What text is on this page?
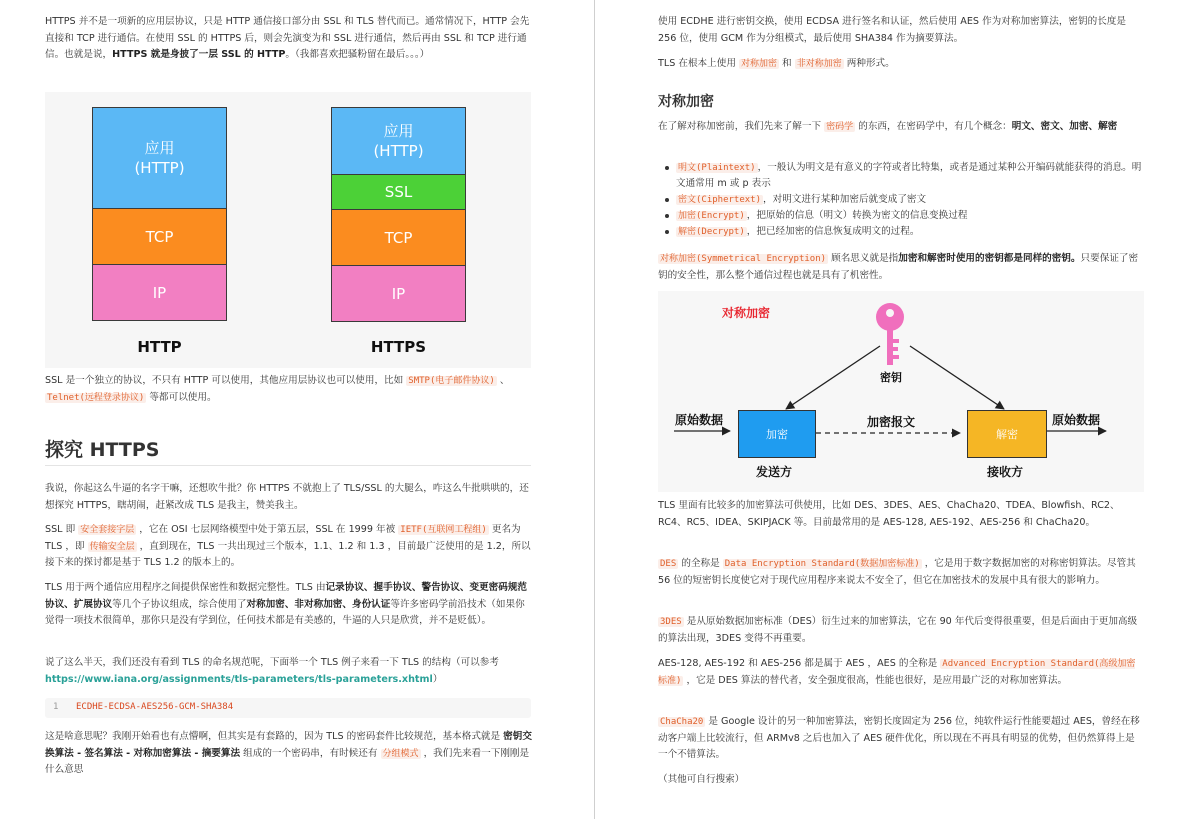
HTTPS 并不是一项新的应用层协议，只是 HTTP 通信接口部分由 SSL 和 TLS 替代而已。通常情况下，HTTP 会先直接和 TCP 进行通信。在使用 SSL 的 HTTPS 后，则会先演变为和 SSL 进行通信，然后再由 SSL 和 TCP 进行通信。也就是说，HTTPS 就是身披了一层 SSL 的 HTTP。（我都喜欢把骚粉留在最后。。。）

应用
(HTTP)
TCP
IP
HTTP
应用
(HTTP)
SSL
TCP
IP
HTTPS

SSL 是一个独立的协议，不只有 HTTP 可以使用，其他应用层协议也可以使用，比如 SMTP(电子邮件协议) 、 Telnet(远程登录协议) 等都可以使用。

探究 HTTPS

我说，你起这么牛逼的名字干嘛，还想吹牛批？你 HTTPS 不就抱上了 TLS/SSL 的大腿么，咋这么牛批哄哄的，还想探究 HTTPS，瞎胡闹，赶紧改成 TLS 是我主，赞美我主。

SSL 即 安全套接字层 ，它在 OSI 七层网络模型中处于第五层，SSL 在 1999 年被 IETF(互联网工程组) 更名为 TLS ，即 传输安全层 ，直到现在，TLS 一共出现过三个版本，1.1、1.2 和 1.3 ，目前最广泛使用的是 1.2，所以接下来的探讨都是基于 TLS 1.2 的版本上的。

TLS 用于两个通信应用程序之间提供保密性和数据完整性。TLS 由记录协议、握手协议、警告协议、变更密码规范协议、扩展协议等几个子协议组成，综合使用了对称加密、非对称加密、身份认证等许多密码学前沿技术（如果你觉得一项技术很简单，那你只是没有学到位，任何技术都是有美感的，牛逼的人只是欣赏，并不是贬低）。

说了这么半天，我们还没有看到 TLS 的命名规范呢，下面举一个 TLS 例子来看一下 TLS 的结构（可以参考 https://www.iana.org/assignments/tls-parameters/tls-parameters.xhtml）

1 ECDHE-ECDSA-AES256-GCM-SHA384

这是啥意思呢？我刚开始看也有点懵啊，但其实是有套路的，因为 TLS 的密码套件比较规范，基本格式就是 密钥交换算法 - 签名算法 - 对称加密算法 - 摘要算法 组成的一个密码串，有时候还有 分组模式 ，我们先来看一下刚刚是什么意思

使用 ECDHE 进行密钥交换，使用 ECDSA 进行签名和认证，然后使用 AES 作为对称加密算法，密钥的长度是 256 位，使用 GCM 作为分组模式，最后使用 SHA384 作为摘要算法。

TLS 在根本上使用 对称加密 和 非对称加密 两种形式。

对称加密

在了解对称加密前，我们先来了解一下 密码学 的东西，在密码学中，有几个概念：明文、密文、加密、解密

明文(Plaintext) ，一般认为明文是有意义的字符或者比特集，或者是通过某种公开编码就能获得的消息。明文通常用 m 或 p 表示
密文(Ciphertext) ，对明文进行某种加密后就变成了密文
加密(Encrypt) ，把原始的信息（明文）转换为密文的信息变换过程
解密(Decrypt) ，把已经加密的信息恢复成明文的过程。

对称加密(Symmetrical Encryption) 顾名思义就是指加密和解密时使用的密钥都是同样的密钥。只要保证了密钥的安全性，那么整个通信过程也就是具有了机密性。

对称加密
密钥
原始数据
加密
加密报文
解密
原始数据
发送方	接收方

TLS 里面有比较多的加密算法可供使用，比如 DES、3DES、AES、ChaCha20、TDEA、Blowfish、RC2、RC4、RC5、IDEA、SKIPJACK 等。目前最常用的是 AES-128, AES-192、AES-256 和 ChaCha20。

DES 的全称是 Data Encryption Standard(数据加密标准) ，它是用于数字数据加密的对称密钥算法。尽管其 56 位的短密钥长度使它对于现代应用程序来说太不安全了，但它在加密技术的发展中具有很大的影响力。

3DES 是从原始数据加密标准（DES）衍生过来的加密算法，它在 90 年代后变得很重要，但是后面由于更加高级的算法出现，3DES 变得不再重要。

AES-128, AES-192 和 AES-256 都是属于 AES ，AES 的全称是 Advanced Encryption Standard(高级加密标准) ，它是 DES 算法的替代者，安全强度很高，性能也很好，是应用最广泛的对称加密算法。

ChaCha20 是 Google 设计的另一种加密算法，密钥长度固定为 256 位，纯软件运行性能要超过 AES，曾经在移动客户端上比较流行，但 ARMv8 之后也加入了 AES 硬件优化，所以现在不再具有明显的优势，但仍然算得上是一个不错算法。

（其他可自行搜索）
